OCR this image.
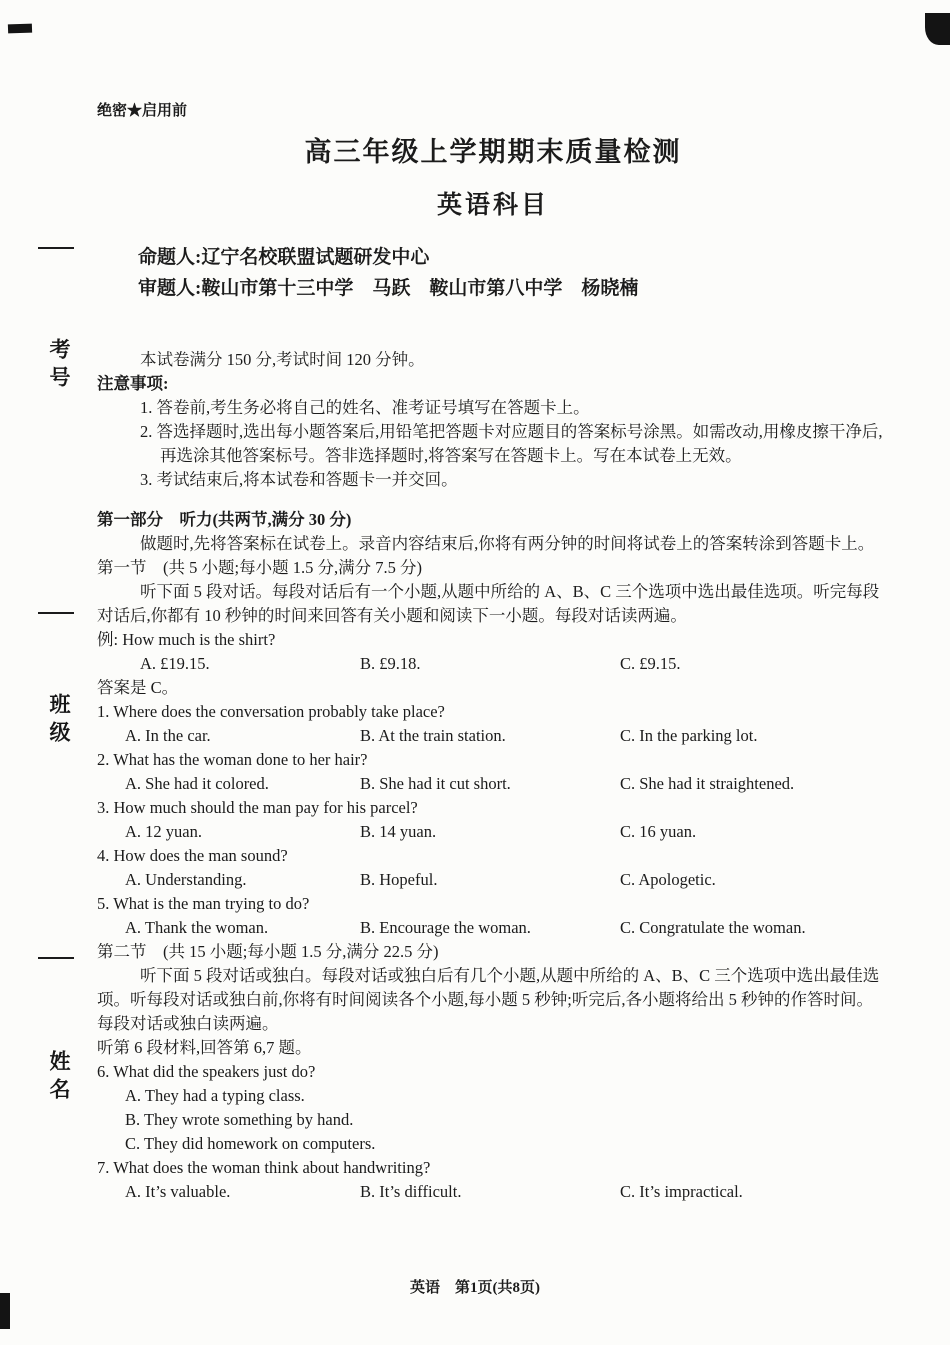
考号
班级
姓名
绝密★启用前
高三年级上学期期末质量检测
英语科目
命题人:辽宁名校联盟试题研发中心
审题人:鞍山市第十三中学　马跃　鞍山市第八中学　杨晓楠

本试卷满分 150 分,考试时间 120 分钟。

注意事项:

1. 答卷前,考生务必将自己的姓名、准考证号填写在答题卡上。

2. 答选择题时,选出每小题答案后,用铅笔把答题卡对应题目的答案标号涂黑。如需改动,用橡皮擦干净后,再选涂其他答案标号。答非选择题时,将答案写在答题卡上。写在本试卷上无效。

3. 考试结束后,将本试卷和答题卡一并交回。

第一部分　听力(共两节,满分 30 分)

做题时,先将答案标在试卷上。录音内容结束后,你将有两分钟的时间将试卷上的答案转涂到答题卡上。

第一节　(共 5 小题;每小题 1.5 分,满分 7.5 分)

听下面 5 段对话。每段对话后有一个小题,从题中所给的 A、B、C 三个选项中选出最佳选项。听完每段对话后,你都有 10 秒钟的时间来回答有关小题和阅读下一小题。每段对话读两遍。

例: How much is the shirt?
A. £19.15.	B. £9.18.	C. £9.15.
答案是 C。
1. Where does the conversation probably take place?
A. In the car.	B. At the train station.	C. In the parking lot.
2. What has the woman done to her hair?
A. She had it colored.	B. She had it cut short.	C. She had it straightened.
3. How much should the man pay for his parcel?
A. 12 yuan.	B. 14 yuan.	C. 16 yuan.
4. How does the man sound?
A. Understanding.	B. Hopeful.	C. Apologetic.
5. What is the man trying to do?
A. Thank the woman.	B. Encourage the woman.	C. Congratulate the woman.
第二节　(共 15 小题;每小题 1.5 分,满分 22.5 分)

听下面 5 段对话或独白。每段对话或独白后有几个小题,从题中所给的 A、B、C 三个选项中选出最佳选项。听每段对话或独白前,你将有时间阅读各个小题,每小题 5 秒钟;听完后,各小题将给出 5 秒钟的作答时间。每段对话或独白读两遍。

听第 6 段材料,回答第 6,7 题。
6. What did the speakers just do?
A. They had a typing class.
B. They wrote something by hand.
C. They did homework on computers.
7. What does the woman think about handwriting?
A. It’s valuable.	B. It’s difficult.	C. It’s impractical.
英语　第1页(共8页)
